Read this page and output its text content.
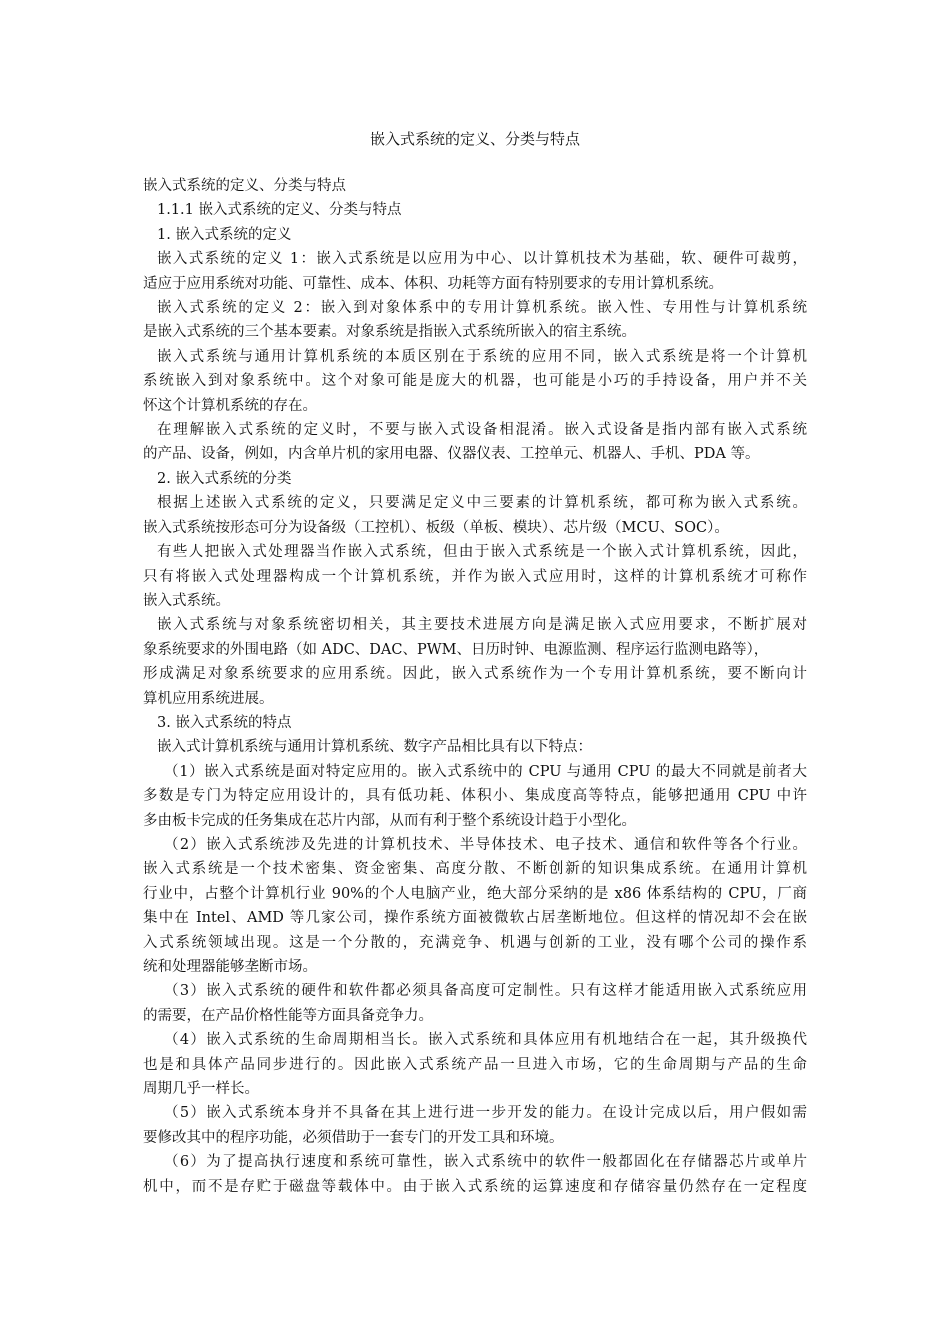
嵌入式系统的定义、分类与特点

嵌入式系统的定义、分类与特点

1.1.1 嵌入式系统的定义、分类与特点

1. 嵌入式系统的定义

嵌入式系统的定义 1：嵌入式系统是以应用为中心、以计算机技术为基础，软、硬件可裁剪，

适应于应用系统对功能、可靠性、成本、体积、功耗等方面有特别要求的专用计算机系统。

嵌入式系统的定义 2：嵌入到对象体系中的专用计算机系统。嵌入性、专用性与计算机系统

是嵌入式系统的三个基本要素。对象系统是指嵌入式系统所嵌入的宿主系统。

嵌入式系统与通用计算机系统的本质区别在于系统的应用不同，嵌入式系统是将一个计算机

系统嵌入到对象系统中。这个对象可能是庞大的机器，也可能是小巧的手持设备，用户并不关

怀这个计算机系统的存在。

在理解嵌入式系统的定义时，不要与嵌入式设备相混淆。嵌入式设备是指内部有嵌入式系统

的产品、设备，例如，内含单片机的家用电器、仪器仪表、工控单元、机器人、手机、PDA 等。

2. 嵌入式系统的分类

根据上述嵌入式系统的定义，只要满足定义中三要素的计算机系统，都可称为嵌入式系统。

嵌入式系统按形态可分为设备级（工控机）、板级（单板、模块）、芯片级（MCU、SOC）。

有些人把嵌入式处理器当作嵌入式系统，但由于嵌入式系统是一个嵌入式计算机系统，因此，

只有将嵌入式处理器构成一个计算机系统，并作为嵌入式应用时，这样的计算机系统才可称作

嵌入式系统。

嵌入式系统与对象系统密切相关，其主要技术进展方向是满足嵌入式应用要求，不断扩展对

象系统要求的外围电路（如 ADC、DAC、PWM、日历时钟、电源监测、程序运行监测电路等），

形成满足对象系统要求的应用系统。因此，嵌入式系统作为一个专用计算机系统，要不断向计

算机应用系统进展。

3. 嵌入式系统的特点

嵌入式计算机系统与通用计算机系统、数字产品相比具有以下特点：

（1）嵌入式系统是面对特定应用的。嵌入式系统中的 CPU 与通用 CPU 的最大不同就是前者大

多数是专门为特定应用设计的，具有低功耗、体积小、集成度高等特点，能够把通用 CPU 中许

多由板卡完成的任务集成在芯片内部，从而有利于整个系统设计趋于小型化。

（2）嵌入式系统涉及先进的计算机技术、半导体技术、电子技术、通信和软件等各个行业。

嵌入式系统是一个技术密集、资金密集、高度分散、不断创新的知识集成系统。在通用计算机

行业中，占整个计算机行业 90%的个人电脑产业，绝大部分采纳的是 x86 体系结构的 CPU，厂商

集中在 Intel、AMD 等几家公司，操作系统方面被微软占居垄断地位。但这样的情况却不会在嵌

入式系统领域出现。这是一个分散的，充满竞争、机遇与创新的工业，没有哪个公司的操作系

统和处理器能够垄断市场。

（3）嵌入式系统的硬件和软件都必须具备高度可定制性。只有这样才能适用嵌入式系统应用

的需要，在产品价格性能等方面具备竞争力。

（4）嵌入式系统的生命周期相当长。嵌入式系统和具体应用有机地结合在一起，其升级换代

也是和具体产品同步进行的。因此嵌入式系统产品一旦进入市场，它的生命周期与产品的生命

周期几乎一样长。

（5）嵌入式系统本身并不具备在其上进行进一步开发的能力。在设计完成以后，用户假如需

要修改其中的程序功能，必须借助于一套专门的开发工具和环境。

（6）为了提高执行速度和系统可靠性，嵌入式系统中的软件一般都固化在存储器芯片或单片

机中，而不是存贮于磁盘等载体中。由于嵌入式系统的运算速度和存储容量仍然存在一定程度
